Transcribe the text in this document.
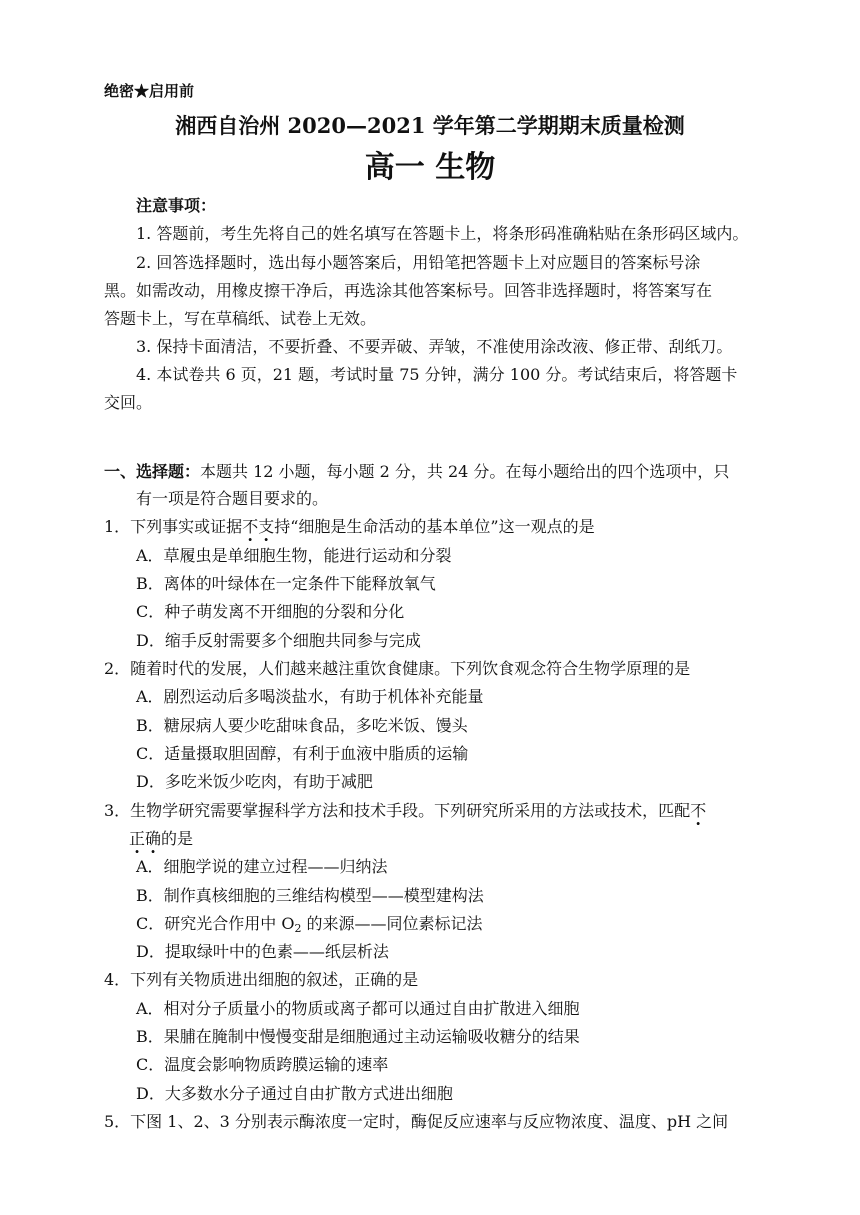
绝密★启用前
湘西自治州 2020—2021 学年第二学期期末质量检测
高一 生物
注意事项：
1. 答题前，考生先将自己的姓名填写在答题卡上，将条形码准确粘贴在条形码区域内。
2. 回答选择题时，选出每小题答案后，用铅笔把答题卡上对应题目的答案标号涂
黑。如需改动，用橡皮擦干净后，再选涂其他答案标号。回答非选择题时，将答案写在
答题卡上，写在草稿纸、试卷上无效。
3. 保持卡面清洁，不要折叠、不要弄破、弄皱，不准使用涂改液、修正带、刮纸刀。
4. 本试卷共 6 页，21 题，考试时量 75 分钟，满分 100 分。考试结束后，将答题卡
交回。
一、选择题：本题共 12 小题，每小题 2 分，共 24 分。在每小题给出的四个选项中，只
有一项是符合题目要求的。
1．下列事实或证据不支持“细胞是生命活动的基本单位”这一观点的是
A．草履虫是单细胞生物，能进行运动和分裂
B．离体的叶绿体在一定条件下能释放氧气
C．种子萌发离不开细胞的分裂和分化
D．缩手反射需要多个细胞共同参与完成
2．随着时代的发展，人们越来越注重饮食健康。下列饮食观念符合生物学原理的是
A．剧烈运动后多喝淡盐水，有助于机体补充能量
B．糖尿病人要少吃甜味食品，多吃米饭、馒头
C．适量摄取胆固醇，有利于血液中脂质的运输
D．多吃米饭少吃肉，有助于减肥
3．生物学研究需要掌握科学方法和技术手段。下列研究所采用的方法或技术，匹配不
正确的是
A．细胞学说的建立过程——归纳法
B．制作真核细胞的三维结构模型——模型建构法
C．研究光合作用中 $O_2$ 的来源——同位素标记法
D．提取绿叶中的色素——纸层析法
4．下列有关物质进出细胞的叙述，正确的是
A．相对分子质量小的物质或离子都可以通过自由扩散进入细胞
B．果脯在腌制中慢慢变甜是细胞通过主动运输吸收糖分的结果
C．温度会影响物质跨膜运输的速率
D．大多数水分子通过自由扩散方式进出细胞
5．下图 1、2、3 分别表示酶浓度一定时，酶促反应速率与反应物浓度、温度、pH 之间
